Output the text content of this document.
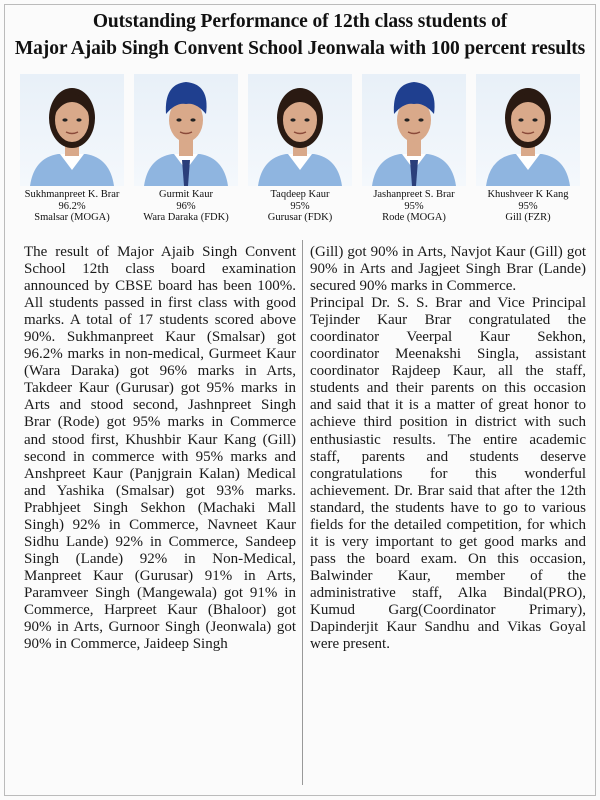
Outstanding Performance of 12th class students of
Major Ajaib Singh Convent School Jeonwala with 100 percent results
Sukhmanpreet K. Brar
96.2%
Smalsar (MOGA)
Gurmit Kaur
96%
Wara Daraka (FDK)
Taqdeep Kaur
95%
Gurusar (FDK)
Jashanpreet S. Brar
95%
Rode (MOGA)
Khushveer K Kang
95%
Gill (FZR)

The result of Major Ajaib Singh Convent School 12th class board examination announced by CBSE board has been 100%. All students passed in first class with good marks. A total of 17 students scored above 90%. Sukhmanpreet Kaur (Smalsar) got 96.2% marks in non-medical, Gurmeet Kaur (Wara Daraka) got 96% marks in Arts, Takdeer Kaur (Gurusar) got 95% marks in Arts and stood second, Jashnpreet Singh Brar (Rode) got 95% marks in Commerce and stood first, Khushbir Kaur Kang (Gill) second in commerce with 95% marks and Anshpreet Kaur (Panjgrain Kalan) Medical and Yashika (Smalsar) got 93% marks. Prabhjeet Singh Sekhon (Machaki Mall Singh) 92% in Commerce, Navneet Kaur Sidhu Lande) 92% in Commerce, Sandeep Singh (Lande) 92% in Non-Medical, Manpreet Kaur (Gurusar) 91% in Arts, Paramveer Singh (Mangewala) got 91% in Commerce, Harpreet Kaur (Bhaloor) got 90% in Arts, Gurnoor Singh (Jeonwala) got 90% in Commerce, Jaideep Singh

(Gill) got 90% in Arts, Navjot Kaur (Gill) got 90% in Arts and Jagjeet Singh Brar (Lande) secured 90% marks in Commerce.

Principal Dr. S. S. Brar and Vice Principal Tejinder Kaur Brar congratulated the coordinator Veerpal Kaur Sekhon, coordinator Meenakshi Singla, assistant coordinator Rajdeep Kaur, all the staff, students and their parents on this occasion and said that it is a matter of great honor to achieve third position in district with such enthusiastic results. The entire academic staff, parents and students deserve congratulations for this wonderful achievement. Dr. Brar said that after the 12th standard, the students have to go to various fields for the detailed competition, for which it is very important to get good marks and pass the board exam. On this occasion, Balwinder Kaur, member of the administrative staff, Alka Bindal(PRO), Kumud Garg(Coordinator Primary), Dapinderjit Kaur Sandhu and Vikas Goyal were present.
